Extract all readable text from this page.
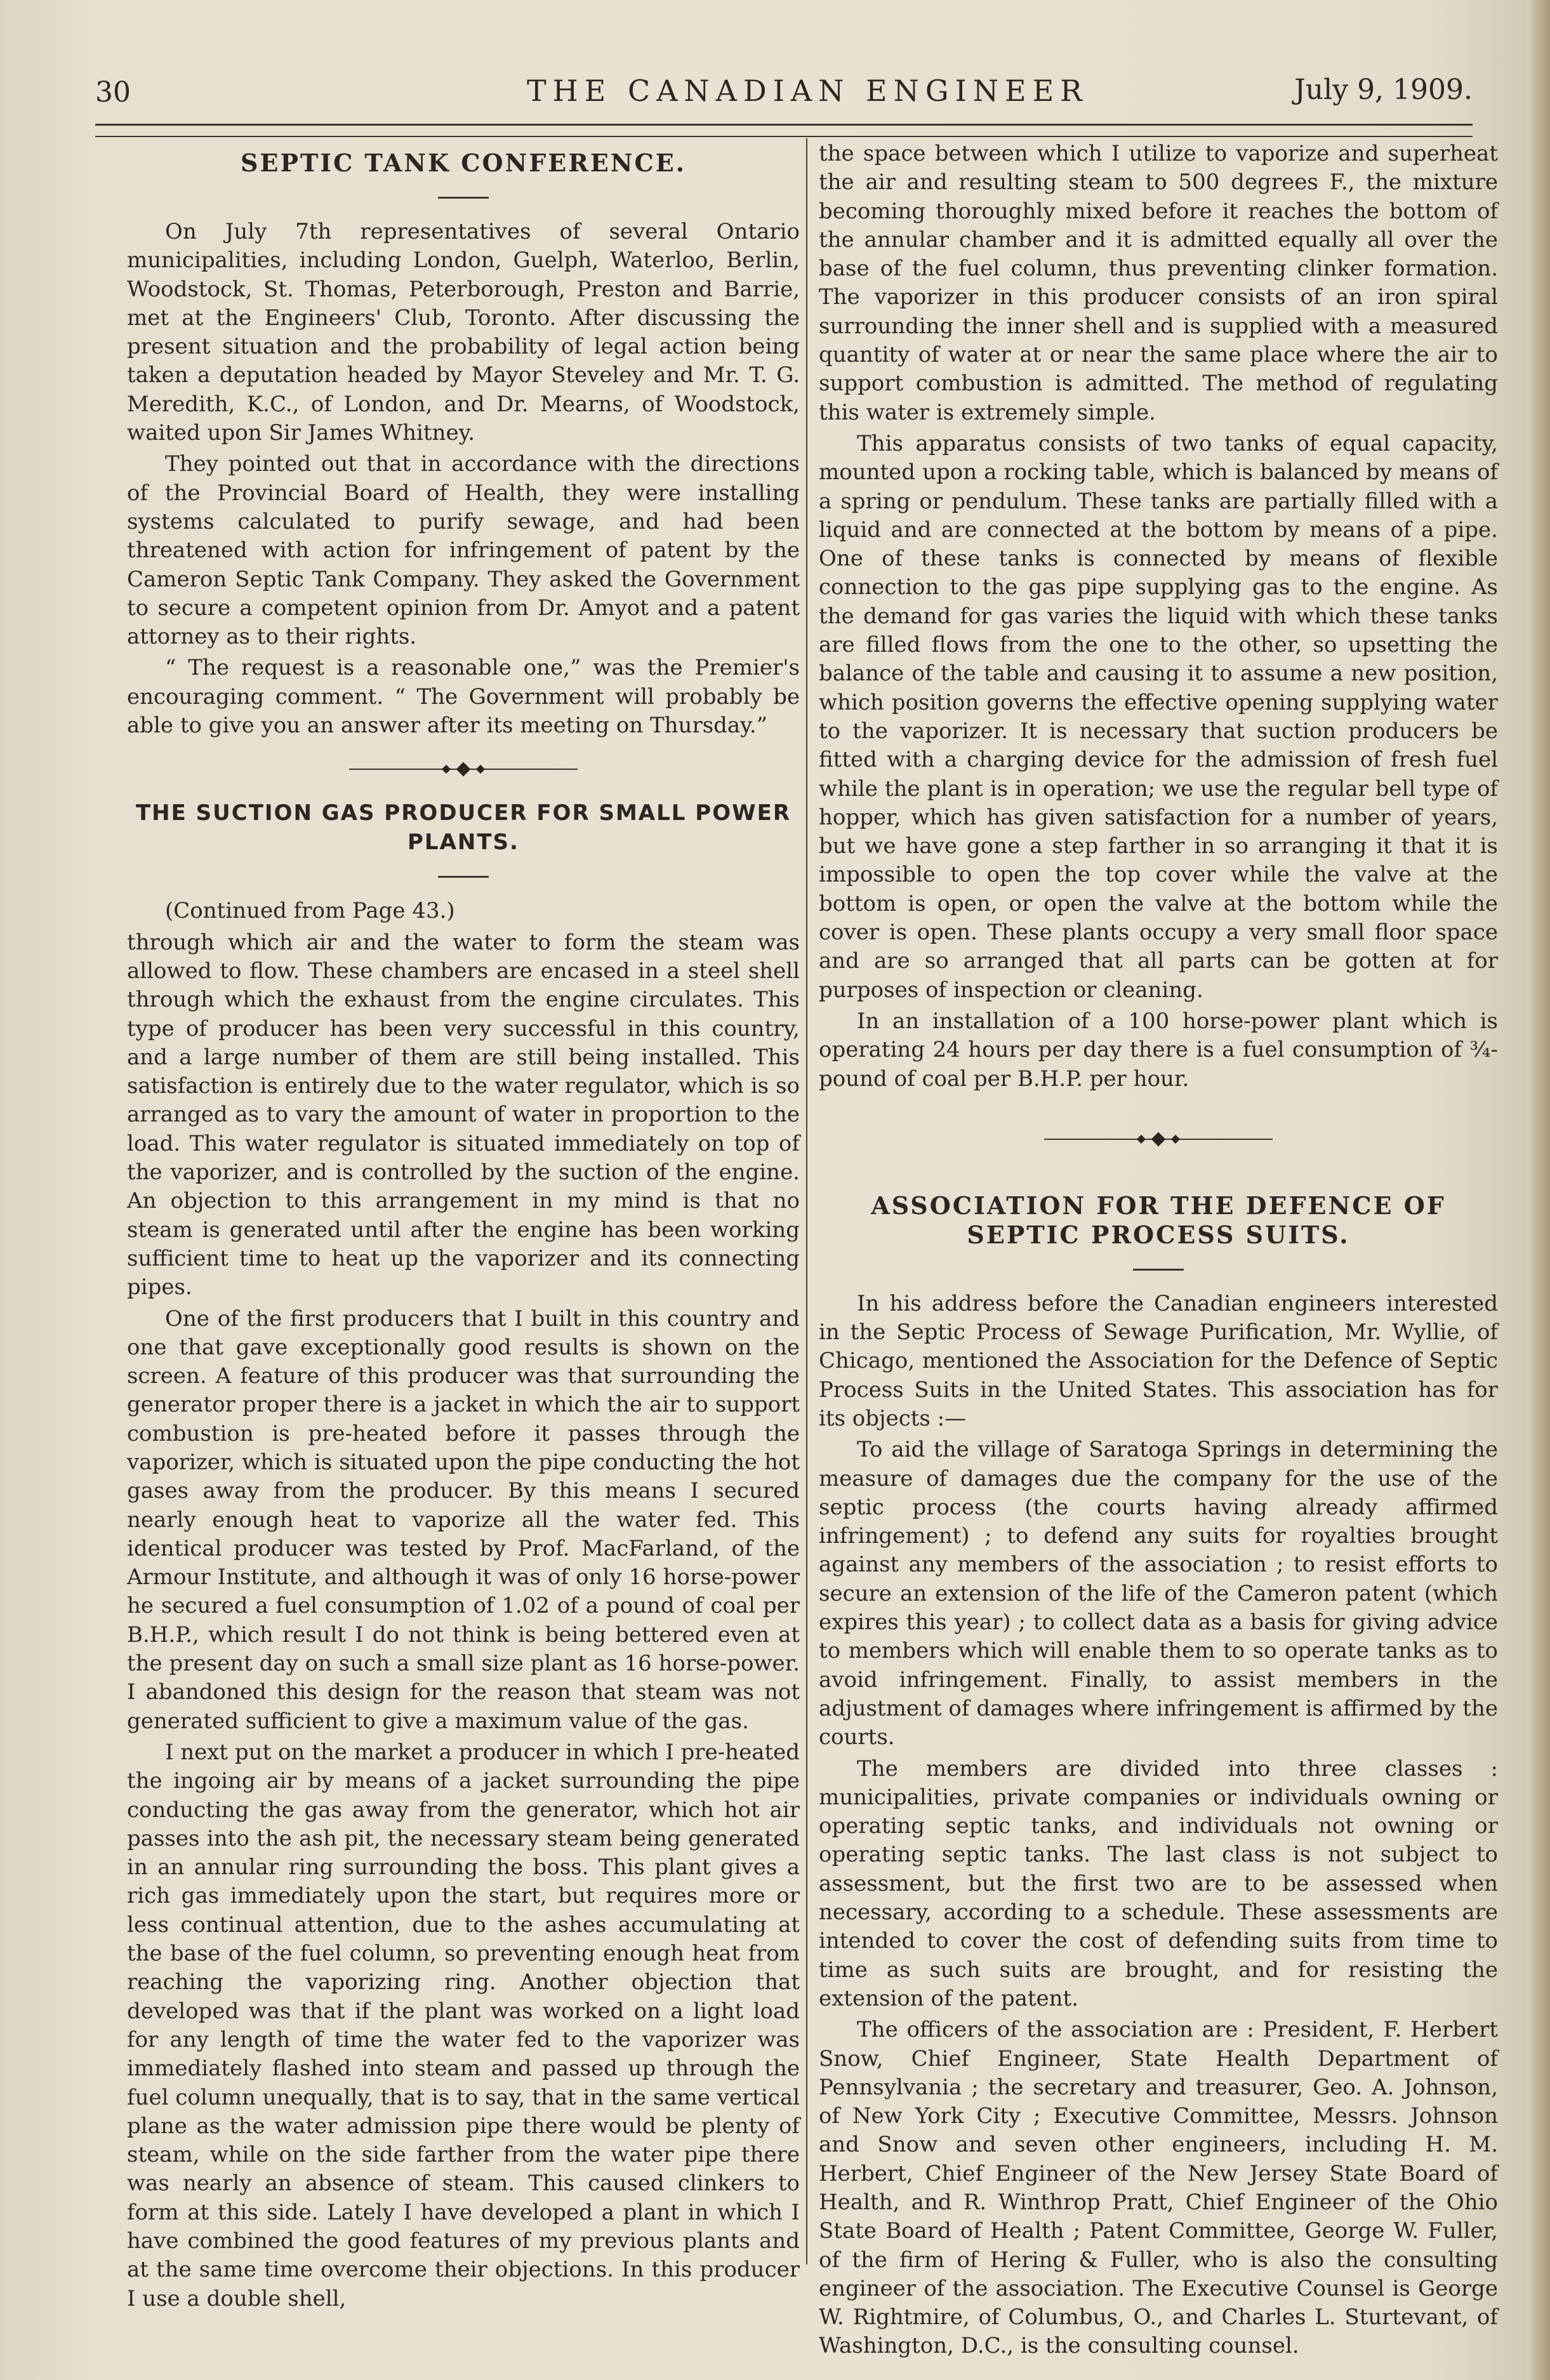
30	THE CANADIAN ENGINEER	July 9, 1909.
SEPTIC TANK CONFERENCE.

On July 7th representatives of several Ontario municipalities, including London, Guelph, Waterloo, Berlin, Woodstock, St. Thomas, Peterborough, Preston and Barrie, met at the Engineers' Club, Toronto. After discussing the present situation and the probability of legal action being taken a deputation headed by Mayor Steveley and Mr. T. G. Meredith, K.C., of London, and Dr. Mearns, of Woodstock, waited upon Sir James Whitney.

They pointed out that in accordance with the directions of the Provincial Board of Health, they were installing systems calculated to purify sewage, and had been threatened with action for infringement of patent by the Cameron Septic Tank Company. They asked the Government to secure a competent opinion from Dr. Amyot and a patent attorney as to their rights.

“ The request is a reasonable one,” was the Premier's encouraging comment. “ The Government will probably be able to give you an answer after its meeting on Thursday.”

THE SUCTION GAS PRODUCER FOR SMALL POWER PLANTS.

(Continued from Page 43.)

through which air and the water to form the steam was allowed to flow. These chambers are encased in a steel shell through which the exhaust from the engine circulates. This type of producer has been very successful in this country, and a large number of them are still being installed. This satisfaction is entirely due to the water regulator, which is so arranged as to vary the amount of water in proportion to the load. This water regulator is situated immediately on top of the vaporizer, and is controlled by the suction of the engine. An objection to this arrangement in my mind is that no steam is generated until after the engine has been working sufficient time to heat up the vaporizer and its connecting pipes.

One of the first producers that I built in this country and one that gave exceptionally good results is shown on the screen. A feature of this producer was that surrounding the generator proper there is a jacket in which the air to support combustion is pre-heated before it passes through the vaporizer, which is situated upon the pipe conducting the hot gases away from the producer. By this means I secured nearly enough heat to vaporize all the water fed. This identical producer was tested by Prof. MacFarland, of the Armour Institute, and although it was of only 16 horse-power he secured a fuel consumption of 1.02 of a pound of coal per B.H.P., which result I do not think is being bettered even at the present day on such a small size plant as 16 horse-power. I abandoned this design for the reason that steam was not generated sufficient to give a maximum value of the gas.

I next put on the market a producer in which I pre-heated the ingoing air by means of a jacket surrounding the pipe conducting the gas away from the generator, which hot air passes into the ash pit, the necessary steam being generated in an annular ring surrounding the boss. This plant gives a rich gas immediately upon the start, but requires more or less continual attention, due to the ashes accumulating at the base of the fuel column, so preventing enough heat from reaching the vaporizing ring. Another objection that developed was that if the plant was worked on a light load for any length of time the water fed to the vaporizer was immediately flashed into steam and passed up through the fuel column unequally, that is to say, that in the same vertical plane as the water admission pipe there would be plenty of steam, while on the side farther from the water pipe there was nearly an absence of steam. This caused clinkers to form at this side. Lately I have developed a plant in which I have combined the good features of my previous plants and at the same time overcome their objections. In this producer I use a double shell,

the space between which I utilize to vaporize and superheat the air and resulting steam to 500 degrees F., the mixture becoming thoroughly mixed before it reaches the bottom of the annular chamber and it is admitted equally all over the base of the fuel column, thus preventing clinker formation. The vaporizer in this producer consists of an iron spiral surrounding the inner shell and is supplied with a measured quantity of water at or near the same place where the air to support combustion is admitted. The method of regulating this water is extremely simple.

This apparatus consists of two tanks of equal capacity, mounted upon a rocking table, which is balanced by means of a spring or pendulum. These tanks are partially filled with a liquid and are connected at the bottom by means of a pipe. One of these tanks is connected by means of flexible connection to the gas pipe supplying gas to the engine. As the demand for gas varies the liquid with which these tanks are filled flows from the one to the other, so upsetting the balance of the table and causing it to assume a new position, which position governs the effective opening supplying water to the vaporizer. It is necessary that suction producers be fitted with a charging device for the admission of fresh fuel while the plant is in operation; we use the regular bell type of hopper, which has given satisfaction for a number of years, but we have gone a step farther in so arranging it that it is impossible to open the top cover while the valve at the bottom is open, or open the valve at the bottom while the cover is open. These plants occupy a very small floor space and are so arranged that all parts can be gotten at for purposes of inspection or cleaning.

In an installation of a 100 horse-power plant which is operating 24 hours per day there is a fuel consumption of ¾-pound of coal per B.H.P. per hour.

ASSOCIATION FOR THE DEFENCE OF SEPTIC PROCESS SUITS.

In his address before the Canadian engineers interested in the Septic Process of Sewage Purification, Mr. Wyllie, of Chicago, mentioned the Association for the Defence of Septic Process Suits in the United States. This association has for its objects :—

To aid the village of Saratoga Springs in determining the measure of damages due the company for the use of the septic process (the courts having already affirmed infringement) ; to defend any suits for royalties brought against any members of the association ; to resist efforts to secure an extension of the life of the Cameron patent (which expires this year) ; to collect data as a basis for giving advice to members which will enable them to so operate tanks as to avoid infringement. Finally, to assist members in the adjustment of damages where infringement is affirmed by the courts.

The members are divided into three classes : municipalities, private companies or individuals owning or operating septic tanks, and individuals not owning or operating septic tanks. The last class is not subject to assessment, but the first two are to be assessed when necessary, according to a schedule. These assessments are intended to cover the cost of defending suits from time to time as such suits are brought, and for resisting the extension of the patent.

The officers of the association are : President, F. Herbert Snow, Chief Engineer, State Health Department of Pennsylvania ; the secretary and treasurer, Geo. A. Johnson, of New York City ; Executive Committee, Messrs. Johnson and Snow and seven other engineers, including H. M. Herbert, Chief Engineer of the New Jersey State Board of Health, and R. Winthrop Pratt, Chief Engineer of the Ohio State Board of Health ; Patent Committee, George W. Fuller, of the firm of Hering & Fuller, who is also the consulting engineer of the association. The Executive Counsel is George W. Rightmire, of Columbus, O., and Charles L. Sturtevant, of Washington, D.C., is the consulting counsel.
